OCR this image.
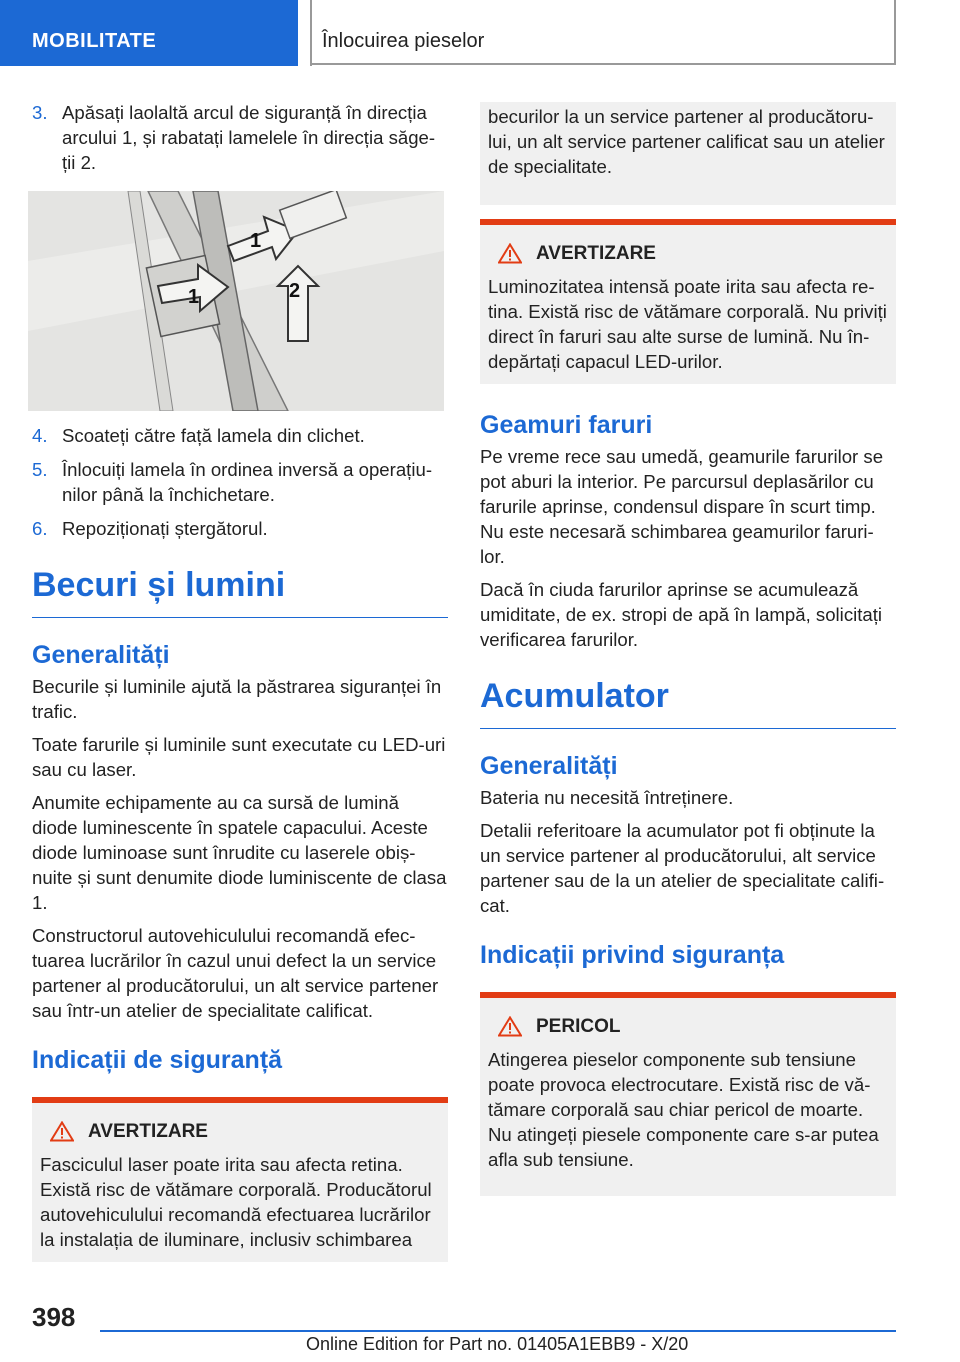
MOBILITATE	Înlocuirea pieselor
3. Apăsați laolaltă arcul de siguranță în direcția arcului 1, și rabatați lamelele în direcția săge-ții 2.
1
1
2
4. Scoateți către față lamela din clichet.
5. Înlocuiți lamela în ordinea inversă a operațiu-nilor până la închichetare.
6. Repoziționați ștergătorul.
Becuri și lumini
Generalități

Becurile și luminile ajută la păstrarea siguranței în trafic.

Toate farurile și luminile sunt executate cu LED-uri sau cu laser.

Anumite echipamente au ca sursă de lumină diode luminescente în spatele capacului. Aceste diode luminoase sunt înrudite cu laserele obiș-nuite și sunt denumite diode luminiscente de clasa 1.

Constructorul autovehiculului recomandă efec-tuarea lucrărilor în cazul unui defect la un service partener al producătorului, un alt service partener sau într-un atelier de specialitate calificat.

Indicații de siguranță
AVERTIZARE
Fasciculul laser poate irita sau afecta retina. Există risc de vătămare corporală. Producătorul autovehiculului recomandă efectuarea lucrărilor la instalația de iluminare, inclusiv schimbarea
becurilor la un service partener al producătoru-lui, un alt service partener calificat sau un atelier de specialitate.
AVERTIZARE
Luminozitatea intensă poate irita sau afecta re-tina. Există risc de vătămare corporală. Nu priviți direct în faruri sau alte surse de lumină. Nu în-depărtați capacul LED-urilor.
Geamuri faruri

Pe vreme rece sau umedă, geamurile farurilor se pot aburi la interior. Pe parcursul deplasărilor cu farurile aprinse, condensul dispare în scurt timp. Nu este necesară schimbarea geamurilor faruri-lor.

Dacă în ciuda farurilor aprinse se acumulează umiditate, de ex. stropi de apă în lampă, solicitați verificarea farurilor.

Acumulator
Generalități

Bateria nu necesită întreținere.

Detalii referitoare la acumulator pot fi obținute la un service partener al producătorului, alt service partener sau de la un atelier de specialitate califi-cat.

Indicații privind siguranța
PERICOL
Atingerea pieselor componente sub tensiune poate provoca electrocutare. Există risc de vă-tămare corporală sau chiar pericol de moarte. Nu atingeți piesele componente care s-ar putea afla sub tensiune.
398
Online Edition for Part no. 01405A1EBB9 - X/20
